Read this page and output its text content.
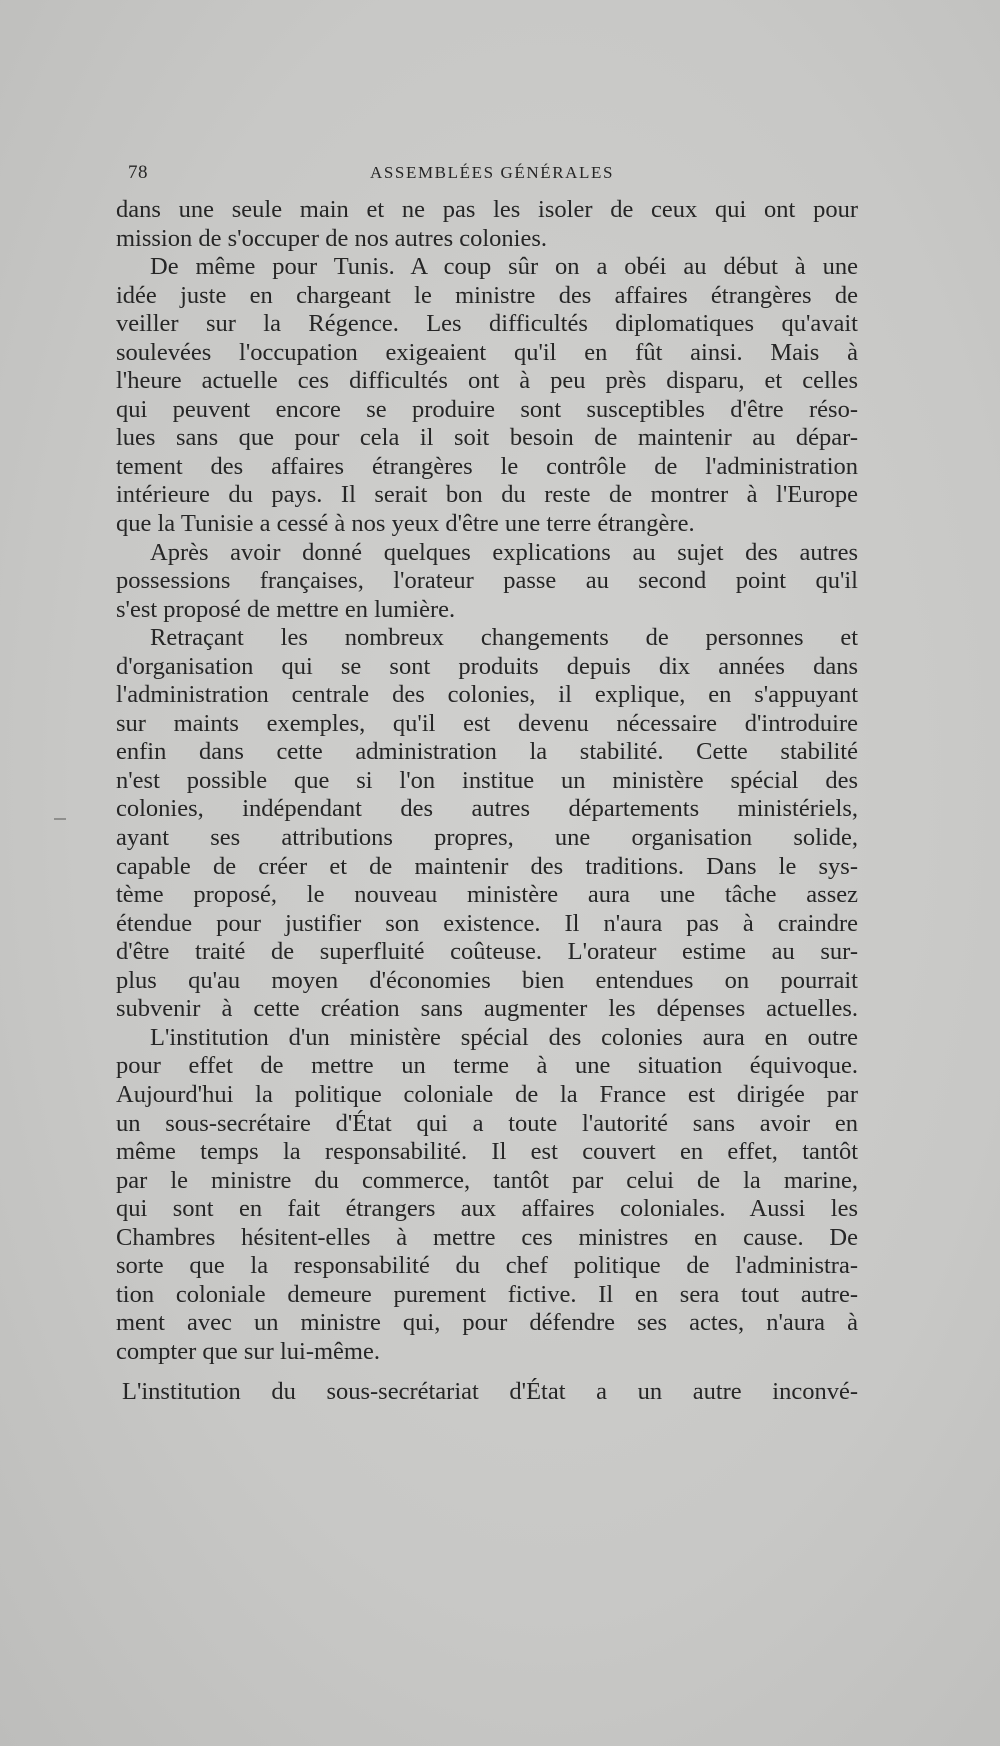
78	ASSEMBLÉES GÉNÉRALES
dans une seule main et ne pas les isoler de ceux qui ont pour
mission de s'occuper de nos autres colonies.
De même pour Tunis. A coup sûr on a obéi au début à une
idée juste en chargeant le ministre des affaires étrangères de
veiller sur la Régence. Les difficultés diplomatiques qu'avait
soulevées l'occupation exigeaient qu'il en fût ainsi. Mais à
l'heure actuelle ces difficultés ont à peu près disparu, et celles
qui peuvent encore se produire sont susceptibles d'être réso-
lues sans que pour cela il soit besoin de maintenir au dépar-
tement des affaires étrangères le contrôle de l'administration
intérieure du pays. Il serait bon du reste de montrer à l'Europe
que la Tunisie a cessé à nos yeux d'être une terre étrangère.
Après avoir donné quelques explications au sujet des autres
possessions françaises, l'orateur passe au second point qu'il
s'est proposé de mettre en lumière.
Retraçant les nombreux changements de personnes et
d'organisation qui se sont produits depuis dix années dans
l'administration centrale des colonies, il explique, en s'appuyant
sur maints exemples, qu'il est devenu nécessaire d'introduire
enfin dans cette administration la stabilité. Cette stabilité
n'est possible que si l'on institue un ministère spécial des
colonies, indépendant des autres départements ministériels,
ayant ses attributions propres, une organisation solide,
capable de créer et de maintenir des traditions. Dans le sys-
tème proposé, le nouveau ministère aura une tâche assez
étendue pour justifier son existence. Il n'aura pas à craindre
d'être traité de superfluité coûteuse. L'orateur estime au sur-
plus qu'au moyen d'économies bien entendues on pourrait
subvenir à cette création sans augmenter les dépenses actuelles.
L'institution d'un ministère spécial des colonies aura en outre
pour effet de mettre un terme à une situation équivoque.
Aujourd'hui la politique coloniale de la France est dirigée par
un sous-secrétaire d'État qui a toute l'autorité sans avoir en
même temps la responsabilité. Il est couvert en effet, tantôt
par le ministre du commerce, tantôt par celui de la marine,
qui sont en fait étrangers aux affaires coloniales. Aussi les
Chambres hésitent-elles à mettre ces ministres en cause. De
sorte que la responsabilité du chef politique de l'administra-
tion coloniale demeure purement fictive. Il en sera tout autre-
ment avec un ministre qui, pour défendre ses actes, n'aura à
compter que sur lui-même.
L'institution du sous-secrétariat d'État a un autre inconvé-
